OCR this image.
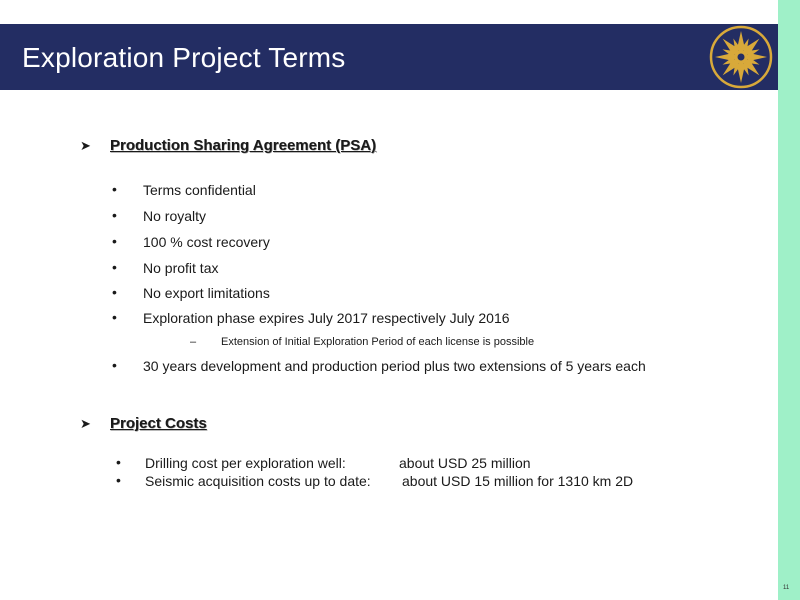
Exploration Project Terms
➤ Production Sharing Agreement (PSA)
• Terms confidential
• No royalty
• 100 % cost recovery
• No profit tax
• No export limitations
• Exploration phase expires July 2017 respectively July 2016
– Extension of Initial Exploration Period of each license is possible
• 30 years development and production period plus two extensions of 5 years each
➤ Project Costs
• Drilling cost per exploration well:	about USD 25 million
• Seismic acquisition costs up to date: about USD 15 million for 1310 km 2D
11
